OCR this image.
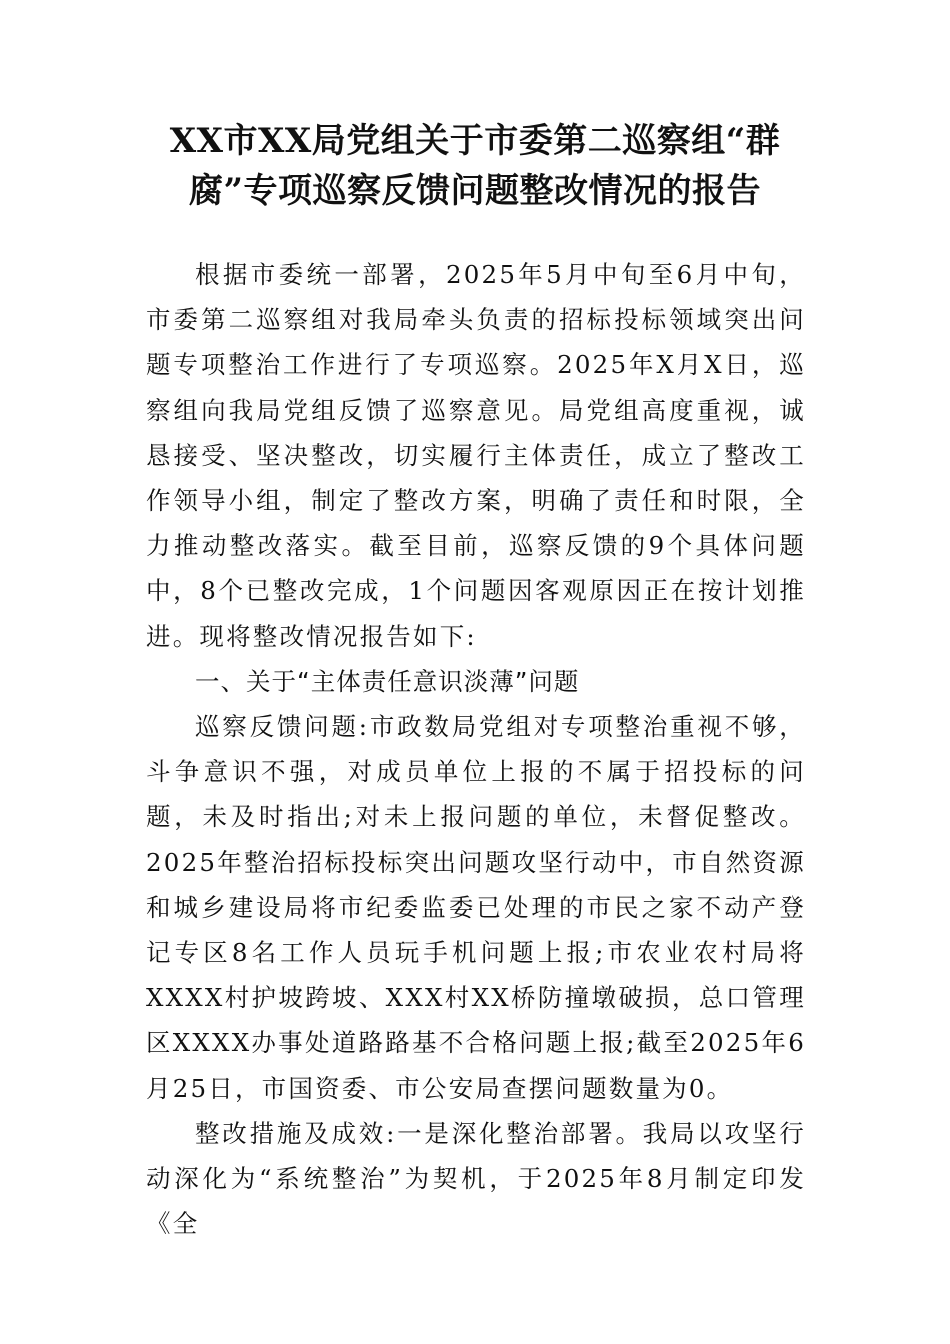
XX市XX局党组关于市委第二巡察组“群腐”专项巡察反馈问题整改情况的报告

根据市委统一部署，2025年5月中旬至6月中旬，市委第二巡察组对我局牵头负责的招标投标领域突出问题专项整治工作进行了专项巡察。2025年X月X日，巡察组向我局党组反馈了巡察意见。局党组高度重视，诚恳接受、坚决整改，切实履行主体责任，成立了整改工作领导小组，制定了整改方案，明确了责任和时限，全力推动整改落实。截至目前，巡察反馈的9个具体问题中，8个已整改完成，1个问题因客观原因正在按计划推进。现将整改情况报告如下:

一、关于“主体责任意识淡薄”问题

巡察反馈问题:市政数局党组对专项整治重视不够，斗争意识不强，对成员单位上报的不属于招投标的问题，未及时指出;对未上报问题的单位，未督促整改。2025年整治招标投标突出问题攻坚行动中，市自然资源和城乡建设局将市纪委监委已处理的市民之家不动产登记专区8名工作人员玩手机问题上报;市农业农村局将XXXX村护坡跨坡、XXX村XX桥防撞墩破损，总口管理区XXXX办事处道路路基不合格问题上报;截至2025年6月25日，市国资委、市公安局查摆问题数量为0。

整改措施及成效:一是深化整治部署。我局以攻坚行动深化为“系统整治”为契机，于2025年8月制定印发《全
